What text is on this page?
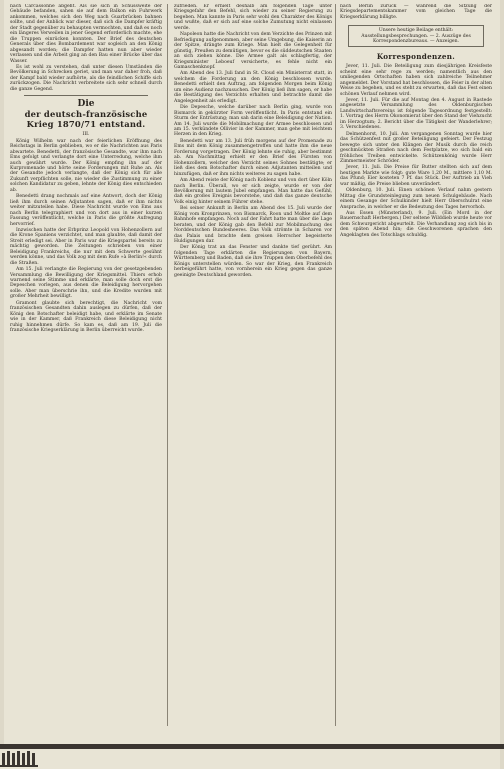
nach Carcassonne abgeht. Als sie sich in Schüssweite der Gebäude befanden, sahen sie auf dem Balkon ein Fuhrwerk ankommen, welches sich den Weg nach Guarbrücken bahnen sollte, und der Anblick war dieser, daß sich die Dampfer kräftig der Stadt gegenüber zu behaupten vermochten, und daß es noch ein längeres Verweilen in jener Gegend erforderlich machte, ehe die Truppen einrücken konnten. Der Brief des deutschen Generals über dies Bombardement war sogleich an den König abgesandt worden; die Dampfer hatten nun aber wieder verlassen und die Arbeit ging an den Bau einer Brücke über das Wasser.

Es ist wohl zu verstehen, daß unter diesen Umständen die Bevölkerung in Schrecken geriet, und man war daher froh, daß der Kampf bald wieder aufhörte, als die feindlichen Schiffe sich zurückzogen. Die Nachricht verbreitete sich sehr schnell durch die ganze Gegend.

Die
der deutsch-französische Krieg 1870/71 entstand.

III.

König Wilhelm war nach der feierlichen Eröffnung des Reichstags in Berlin geblieben, wo er die Nachrichten aus Paris abwartete. Benedetti, der französische Gesandte, war ihm nach Ems gefolgt und verlangte dort eine Unterredung, welche ihm auch gewährt wurde. Der König empfing ihn auf der Kurpromenade und hörte seine Forderungen mit Ruhe an. Als der Gesandte jedoch verlangte, daß der König sich für alle Zukunft verpflichten solle, nie wieder die Zustimmung zu einer solchen Kandidatur zu geben, lehnte der König dies entschieden ab.

Benedetti drang nochmals auf eine Antwort, doch der König ließ ihm durch seinen Adjutanten sagen, daß er ihm nichts weiter mitzuteilen habe. Diese Nachricht wurde von Ems aus nach Berlin telegraphiert und von dort aus in einer kurzen Fassung veröffentlicht, welche in Paris die größte Aufregung hervorrief.

Inzwischen hatte der Erbprinz Leopold von Hohenzollern auf die Krone Spaniens verzichtet, und man glaubte, daß damit der Streit erledigt sei. Aber in Paris war die Kriegspartei bereits zu mächtig geworden. Die Zeitungen schrieben von einer Beleidigung Frankreichs, die nur mit dem Schwerte gesühnt werden könne, und das Volk zog mit dem Rufe »à Berlin!« durch die Straßen.

Am 15. Juli verlangte die Regierung von der gesetzgebenden Versammlung die Bewilligung der Kriegsmittel. Thiers erhob warnend seine Stimme und erklärte, man solle doch erst die Depeschen vorlegen, aus denen die Beleidigung hervorgehen solle. Aber man überschrie ihn, und die Kredite wurden mit großer Mehrheit bewilligt.

Gramont glaubte sich berechtigt, die Nachricht vom französischen Gesandten dahin auslegen zu dürfen, daß der König den Botschafter beleidigt habe, und erklärte im Senate wie in der Kammer, daß Frankreich diese Beleidigung nicht ruhig hinnehmen dürfe. So kam es, daß am 19. Juli die französische Kriegserklärung in Berlin überreicht wurde.

zufrieden. Er erhielt deshalb am folgenden Tage unter Kriegsgefahr den Befehl, sich wieder zu seiner Regierung zu begeben. Man kannte in Paris sehr wohl den Charakter des Königs und wußte, daß er sich auf eine solche Zumutung nicht einlassen werde.

Napoleon hatte die Nachricht von dem Verzichte des Prinzen mit Befriedigung aufgenommen, aber seine Umgebung, die Kaiserin an der Spitze, drängte zum Kriege. Man hielt die Gelegenheit für günstig, Preußen zu demütigen, bevor es die süddeutschen Staaten an sich ziehen könne. Die Armee galt als schlagfertig, der Kriegsminister Leboeuf versicherte, es fehle nicht ein Gamaschenknopf.

Am Abend des 13. Juli fand in St. Cloud ein Ministerrat statt, in welchem die Forderung an den König beschlossen wurde. Benedetti erhielt den Auftrag, am folgenden Morgen beim König um eine Audienz nachzusuchen. Der König ließ ihm sagen, er habe die Bestätigung des Verzichts erhalten und betrachte damit die Angelegenheit als erledigt.

Die Depesche, welche darüber nach Berlin ging, wurde von Bismarck in gekürzter Form veröffentlicht. In Paris entstand ein Sturm der Entrüstung; man sah darin eine Beleidigung der Nation. Am 14. Juli wurde die Mobilmachung der Armee beschlossen und am 15. verkündete Ollivier in der Kammer, man gehe mit leichtem Herzen in den Krieg.

Benedetti war am 13. Juli früh morgens auf der Promenade zu Ems mit dem König zusammengetroffen und hatte ihm die neue Forderung vorgetragen. Der König lehnte sie ruhig, aber bestimmt ab. Am Nachmittag erhielt er den Brief des Fürsten von Hohenzollern, welcher den Verzicht seines Sohnes bestätigte; er ließ dies dem Botschafter durch einen Adjutanten mitteilen und hinzufügen, daß er ihm nichts weiteres zu sagen habe.

Am Abend reiste der König nach Koblenz und von dort über Köln nach Berlin. Überall, wo er sich zeigte, wurde er von der Bevölkerung mit lautem Jubel empfangen. Man hatte das Gefühl, daß ein großes Ereignis bevorstehe, und daß das ganze deutsche Volk einig hinter seinem Führer stehe.

Bei seiner Ankunft in Berlin am Abend des 15. Juli wurde der König vom Kronprinzen, von Bismarck, Roon und Moltke auf dem Bahnhofe empfangen. Noch auf der Fahrt hatte man über die Lage beraten, und der König gab den Befehl zur Mobilmachung des Norddeutschen Bundesheeres. Das Volk strömte in Scharen vor das Palais und brachte dem greisen Herrscher begeisterte Huldigungen dar.

Der König trat an das Fenster und dankte tief gerührt. Am folgenden Tage erklärten die Regierungen von Bayern, Württemberg und Baden, daß sie ihre Truppen dem Oberbefehl des Königs unterstellen würden. So war der Krieg, den Frankreich herbeigeführt hatte, von vornherein ein Krieg gegen das ganze geeinigte Deutschland geworden.

nach Berlin zurück — während die Sitzung der Kriegsdepartementskammer vom gleichen Tage die Kriegserklärung billigte.

Unsere heutige Beilage enthält:
Ausstellungsbesprechungen. — 2. Auszüge des Korrespondenzbureaus. — Anzeigen.
Korrespondenzen.

Jever, 11. Juli. Die Beteiligung zum diesjährigen Kreisfeste scheint eine sehr rege zu werden; namentlich aus den umliegenden Ortschaften haben sich zahlreiche Teilnehmer angemeldet. Der Vorstand hat beschlossen, die Feier in der alten Weise zu begehen, und es steht zu erwarten, daß das Fest einen schönen Verlauf nehmen wird.

Jever, 11. Juli. Für die auf Montag den 4. August in Rastede angesetzte Versammlung des Oldenburgischen Landwirtschaftsvereins ist folgende Tagesordnung festgestellt: 1. Vortrag des Herrn Ökonomierat über den Stand der Viehzucht im Herzogtum; 2. Bericht über die Tätigkeit der Wanderlehrer; 3. Verschiedenes.

Delmenhorst, 10. Juli. Am vergangenen Sonntag wurde hier das Schützenfest mit großer Beteiligung gefeiert. Der Festzug bewegte sich unter den Klängen der Musik durch die reich geschmückten Straßen nach dem Festplatze, wo sich bald ein fröhliches Treiben entwickelte. Schützenkönig wurde Herr Zimmermeister Schröder.

Jever, 11. Juli. Die Preise für Butter stellten sich auf dem heutigen Markte wie folgt: gute Ware 1,20 M., mittlere 1,10 M. das Pfund; Eier kosteten 7 Pf. das Stück. Der Auftrieb an Vieh war mäßig, die Preise blieben unverändert.

Oldenburg, 10. Juli. Einen schönen Verlauf nahm gestern Mittag die Grundsteinlegung zum neuen Schulgebäude. Nach einem Gesange der Schulkinder hielt Herr Oberschulrat eine Ansprache, in welcher er die Bedeutung des Tages hervorhob.

Aus Essen (Münsterland), 9. Juli. (Ein Mord in der Bauernschaft Herbergen.) Der seltene Wilddieb wurde heute vor dem Schwurgericht abgeurteilt. Die Verhandlung zog sich bis in den späten Abend hin; die Geschworenen sprachen den Angeklagten des Totschlags schuldig.
